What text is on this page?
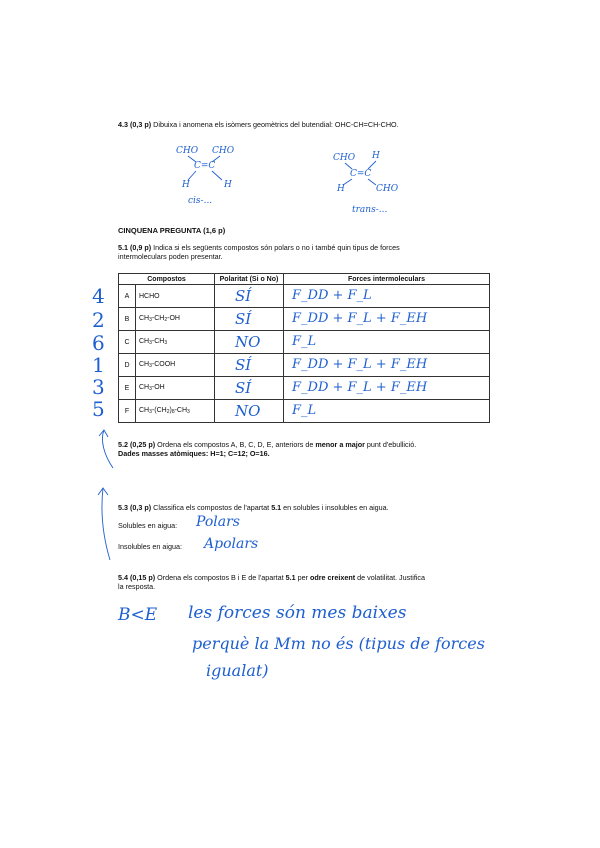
4.3 (0,3 p) Dibuixa i anomena els isòmers geomètrics del butendial: OHC-CH=CH-CHO.
CHO CHO
C=C
H	H
cis-...
CHO H
C=C
H	CHO
trans-...
CINQUENA PREGUNTA (1,6 p)
5.1 (0,9 p) Indica si els següents compostos són polars o no i també quin tipus de forces
intermoleculars poden presentar.
4
2
6
1
3
5
Compostos		Polaritat (Si o No)	Forces intermoleculars
A	HCHO	SÍ	F_DD + F_L

B	$CH_3-CH_2-OH$	SÍ	F_DD + F_L + F_EH

C	$CH_3-CH_3$	NO	F_L

D	$CH_3$-COOH	SÍ	F_DD + F_L + F_EH

E	$CH_3-OH$	SÍ	F_DD + F_L + F_EH

F	$CH_3-(CH_2)_8-CH_3$	NO	F_L
5.2 (0,25 p) Ordena els compostos A, B, C, D, E, anteriors de menor a major punt d'ebullició.
Dades masses atòmiques: H=1; C=12; O=16.
5.3 (0,3 p) Classifica els compostos de l'apartat 5.1 en solubles i insolubles en aigua.
Solubles en aigua: Polars
Insolubles en aigua: Apolars
5.4 (0,15 p) Ordena els compostos B i E de l'apartat 5.1 per odre creixent de volatilitat. Justifica
la resposta.
B<E les forces són mes baixes
perquè la Mm no és (tipus de forces
igualat)
